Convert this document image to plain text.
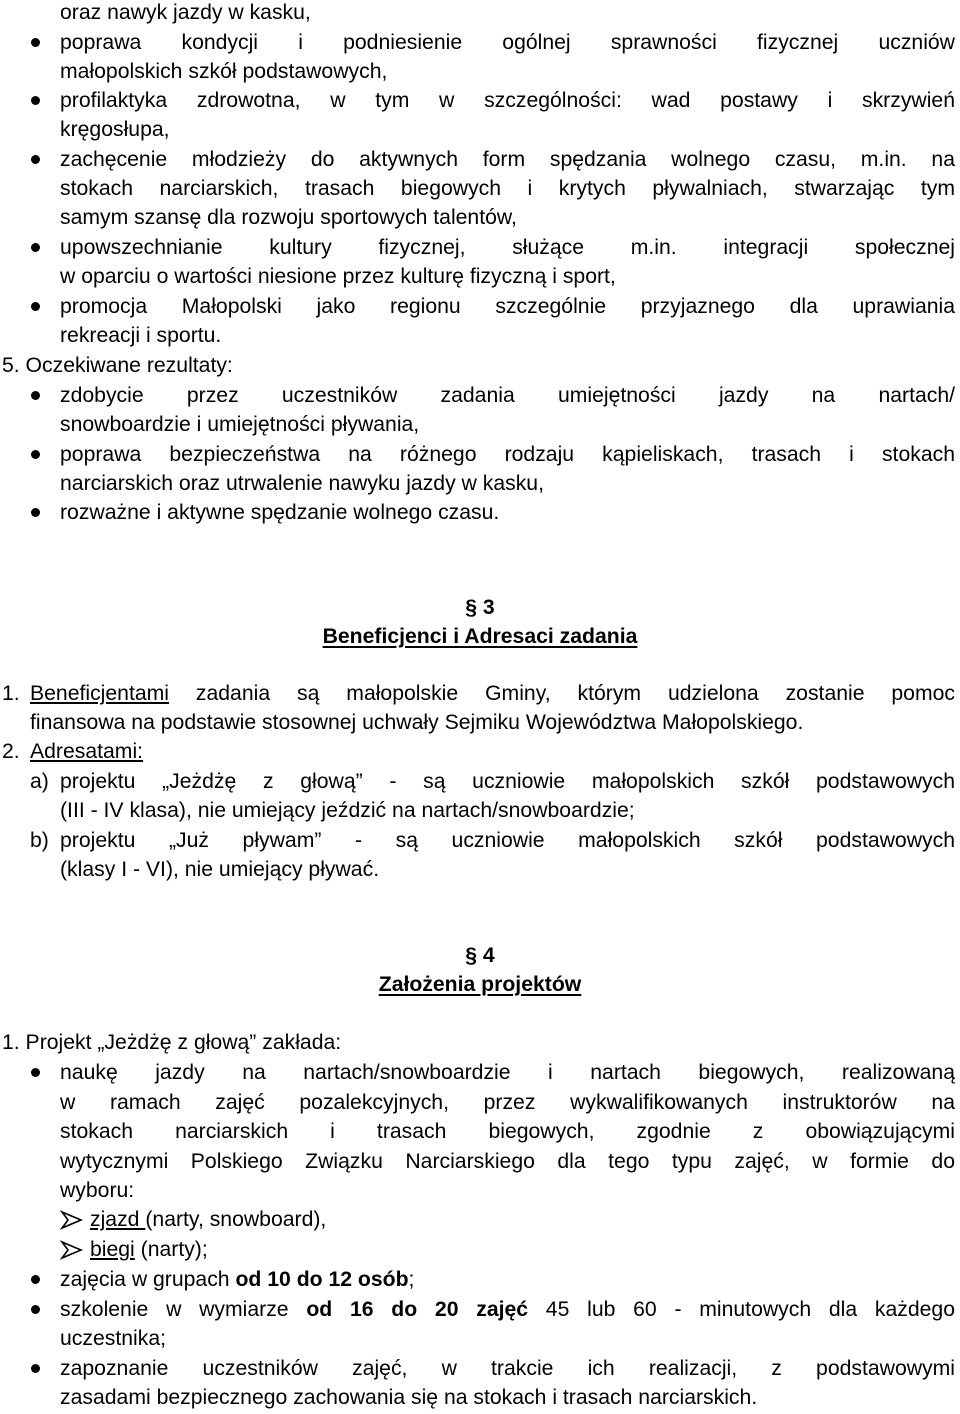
oraz nawyk jazdy w kasku,
poprawa kondycji i podniesienie ogólnej sprawności fizycznej uczniów
małopolskich szkół podstawowych,
profilaktyka zdrowotna, w tym w szczególności: wad postawy i skrzywień
kręgosłupa,
zachęcenie młodzieży do aktywnych form spędzania wolnego czasu, m.in. na
stokach narciarskich, trasach biegowych i krytych pływalniach, stwarzając tym
samym szansę dla rozwoju sportowych talentów,
upowszechnianie kultury fizycznej, służące m.in. integracji społecznej
w oparciu o wartości niesione przez kulturę fizyczną i sport,
promocja Małopolski jako regionu szczególnie przyjaznego dla uprawiania
rekreacji i sportu.
5. Oczekiwane rezultaty:
zdobycie przez uczestników zadania umiejętności jazdy na nartach/
snowboardzie i umiejętności pływania,
poprawa bezpieczeństwa na różnego rodzaju kąpieliskach, trasach i stokach
narciarskich oraz utrwalenie nawyku jazdy w kasku,
rozważne i aktywne spędzanie wolnego czasu.
§ 3
Beneficjenci i Adresaci zadania
1. Beneficjentami zadania są małopolskie Gminy, którym udzielona zostanie pomoc
finansowa na podstawie stosownej uchwały Sejmiku Województwa Małopolskiego.
2. Adresatami:
a) projektu „Jeżdżę z głową” - są uczniowie małopolskich szkół podstawowych
(III - IV klasa), nie umiejący jeździć na nartach/snowboardzie;
b) projektu „Już pływam” - są uczniowie małopolskich szkół podstawowych
(klasy I - VI), nie umiejący pływać.
§ 4
Założenia projektów
1. Projekt „Jeżdżę z głową” zakłada:
naukę jazdy na nartach/snowboardzie i nartach biegowych, realizowaną
w ramach zajęć pozalekcyjnych, przez wykwalifikowanych instruktorów na
stokach narciarskich i trasach biegowych, zgodnie z obowiązującymi
wytycznymi Polskiego Związku Narciarskiego dla tego typu zajęć, w formie do
wyboru:
zjazd (narty, snowboard),
biegi (narty);
zajęcia w grupach od 10 do 12 osób;
szkolenie w wymiarze od 16 do 20 zajęć 45 lub 60 - minutowych dla każdego
uczestnika;
zapoznanie uczestników zajęć, w trakcie ich realizacji, z podstawowymi
zasadami bezpiecznego zachowania się na stokach i trasach narciarskich.
